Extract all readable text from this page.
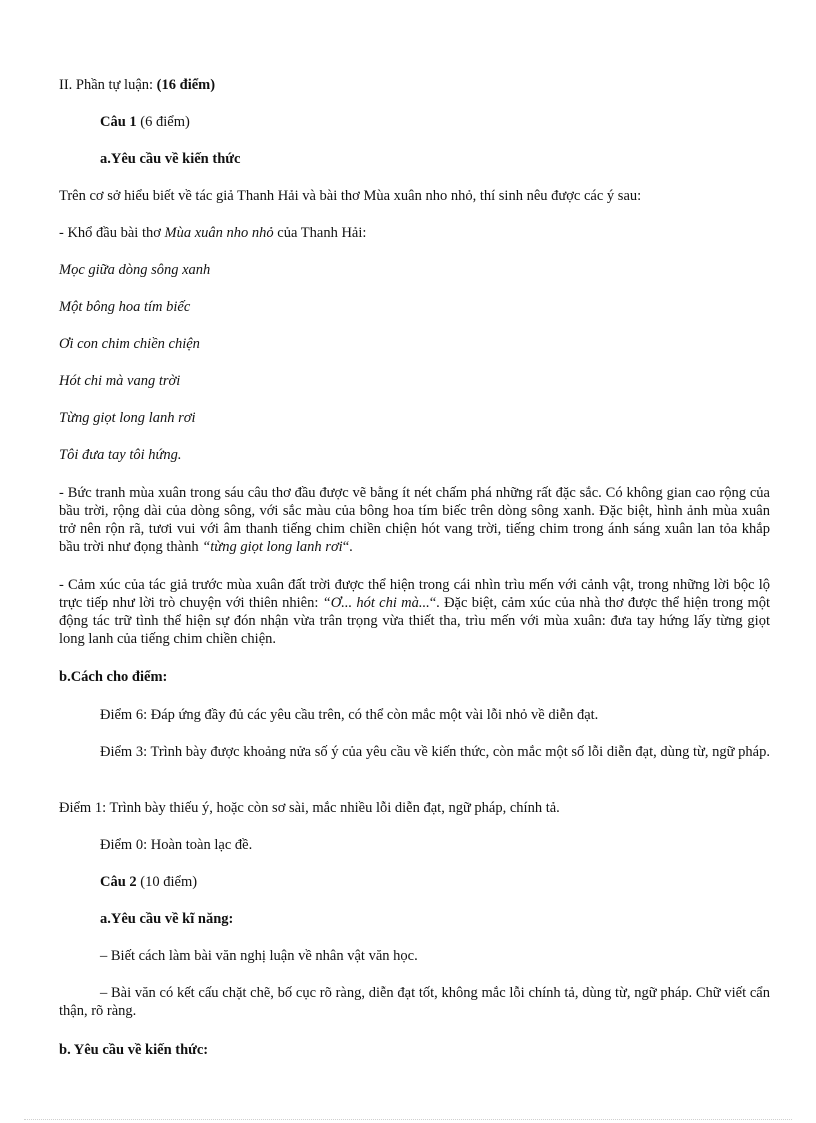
II. Phần tự luận: (16 điểm)

Câu 1 (6 điểm)

a.Yêu cầu về kiến thức

Trên cơ sở hiểu biết về tác giả Thanh Hải và bài thơ Mùa xuân nho nhỏ, thí sinh nêu được các ý sau:

- Khổ đầu bài thơ Mùa xuân nho nhỏ của Thanh Hải:

Mọc giữa dòng sông xanh

Một bông hoa tím biếc

Ơi con chim chiền chiện

Hót chi mà vang trời

Từng giọt long lanh rơi

Tôi đưa tay tôi hứng.

- Bức tranh mùa xuân trong sáu câu thơ đầu được vẽ bằng ít nét chấm phá những rất đặc sắc. Có không gian cao rộng của bầu trời, rộng dài của dòng sông, với sắc màu của bông hoa tím biếc trên dòng sông xanh. Đặc biệt, hình ảnh mùa xuân trở nên rộn rã, tươi vui với âm thanh tiếng chim chiền chiện hót vang trời, tiếng chim trong ánh sáng xuân lan tỏa khắp bầu trời như đọng thành “từng giọt long lanh rơi“.

- Cảm xúc của tác giả trước mùa xuân đất trời được thể hiện trong cái nhìn trìu mến với cảnh vật, trong những lời bộc lộ trực tiếp như lời trò chuyện với thiên nhiên: “Ơ... hót chi mà...“. Đặc biệt, cảm xúc của nhà thơ được thể hiện trong một động tác trữ tình thể hiện sự đón nhận vừa trân trọng vừa thiết tha, trìu mến với mùa xuân: đưa tay hứng lấy từng giọt long lanh của tiếng chim chiền chiện.

b.Cách cho điểm:

Điểm 6: Đáp ứng đầy đủ các yêu cầu trên, có thể còn mắc một vài lỗi nhỏ về diễn đạt.

Điểm 3: Trình bày được khoảng nửa số ý của yêu cầu về kiến thức, còn mắc một số lỗi diễn đạt, dùng từ, ngữ pháp.

Điểm 1: Trình bày thiếu ý, hoặc còn sơ sài, mắc nhiều lỗi diễn đạt, ngữ pháp, chính tả.

Điểm 0: Hoàn toàn lạc đề.

Câu 2 (10 điểm)

a.Yêu cầu về kĩ năng:

– Biết cách làm bài văn nghị luận về nhân vật văn học.

– Bài văn có kết cấu chặt chẽ, bố cục rõ ràng, diễn đạt tốt, không mắc lỗi chính tả, dùng từ, ngữ pháp. Chữ viết cẩn thận, rõ ràng.

b. Yêu cầu về kiến thức:
